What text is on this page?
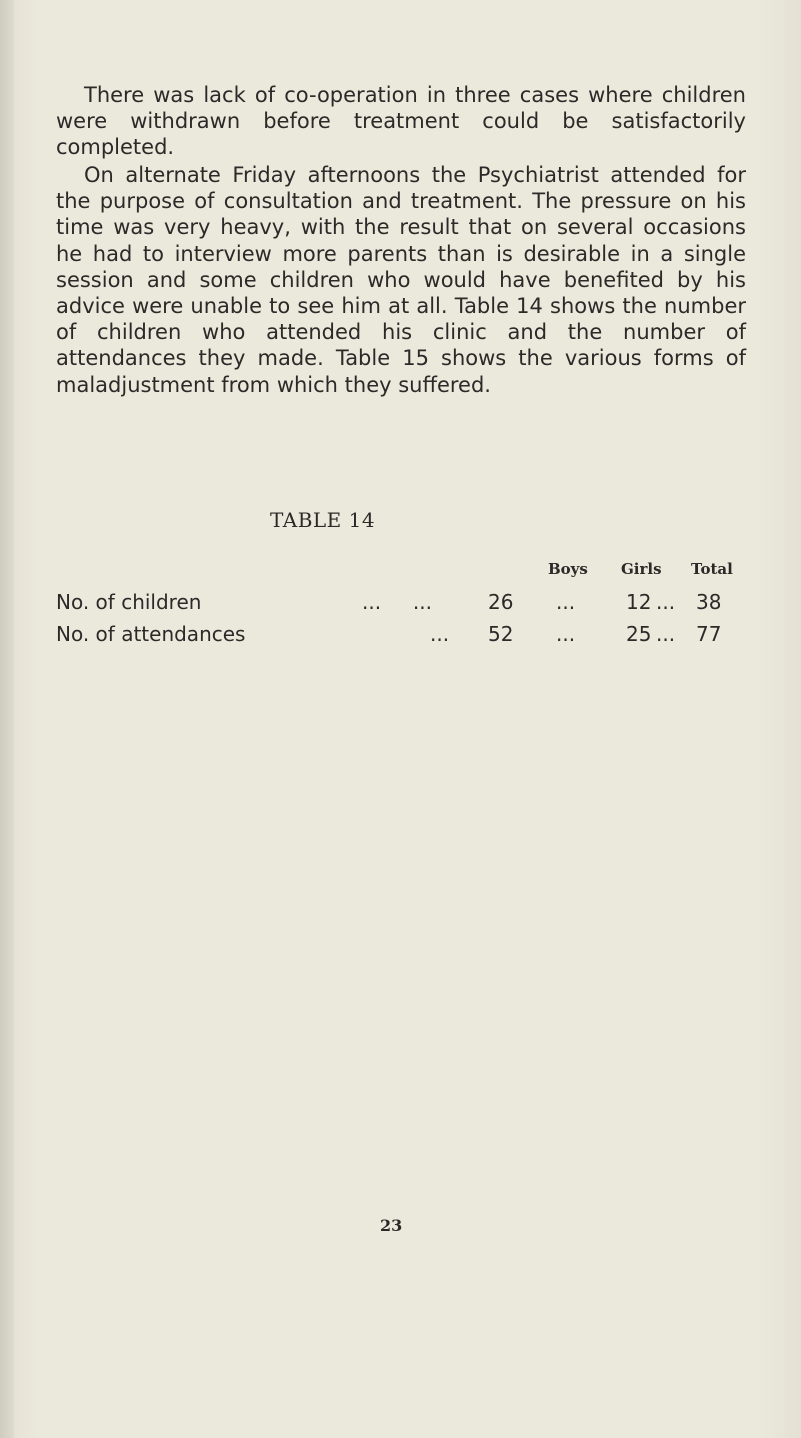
There was lack of co-operation in three cases where children were withdrawn before treatment could be satisfactorily completed.

On alternate Friday afternoons the Psychiatrist attended for the purpose of consultation and treatment. The pressure on his time was very heavy, with the result that on several occasions he had to interview more parents than is desirable in a single session and some children who would have benefited by his advice were unable to see him at all. Table 14 shows the number of children who attended his clinic and the number of attendances they made. Table 15 shows the various forms of maladjustment from which they suffered.

TABLE 14

Boys Girls Total
No. of children	...     ...	26 ...	12 ... 38
No. of attendances	... 52 ...	25 ... 77
23
